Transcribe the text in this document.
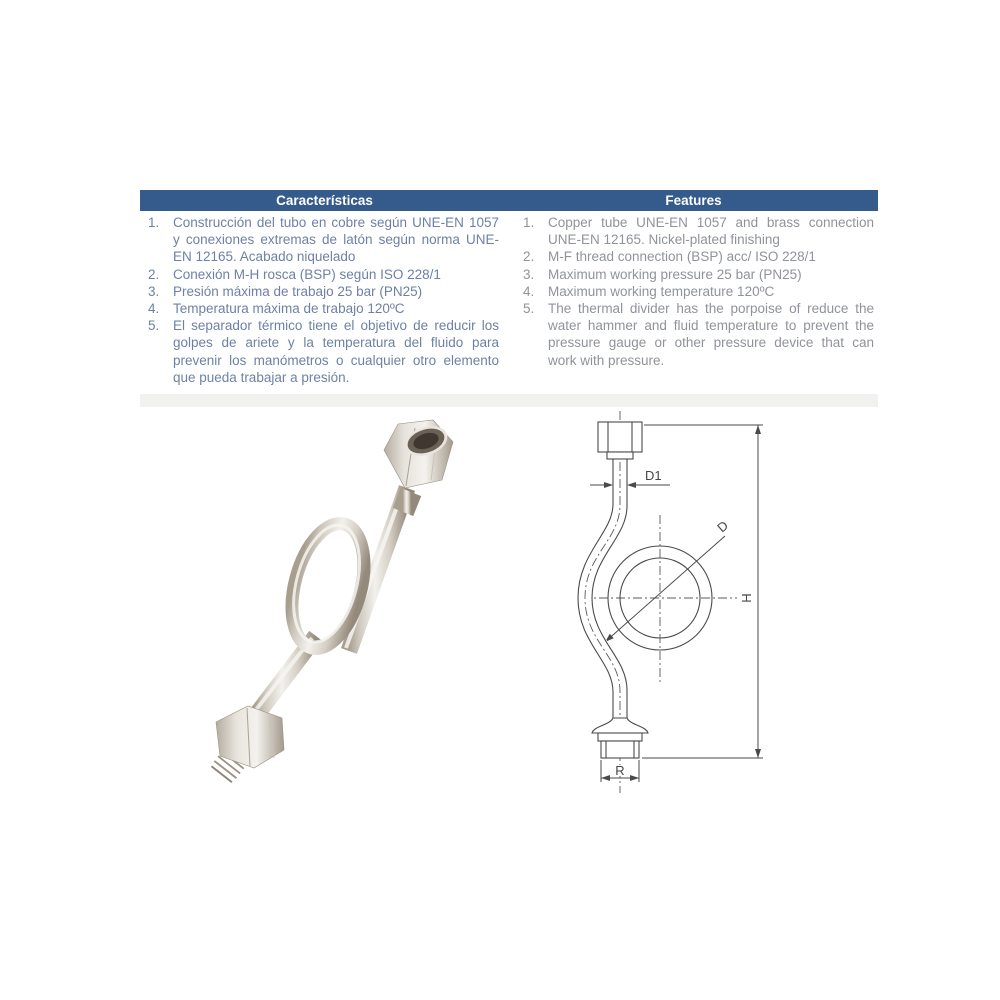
Características	Features
Construcción del tubo en cobre según UNE-EN 1057 y conexiones extremas de latón según norma UNE-EN 12165. Acabado niquelado
Conexión M-H rosca (BSP) según ISO 228/1
Presión máxima de trabajo 25 bar (PN25)
Temperatura máxima de trabajo 120ºC
El separador térmico tiene el objetivo de reducir los golpes de ariete y la temperatura del fluido para prevenir los manómetros o cualquier otro elemento que pueda trabajar a presión.
Copper tube UNE-EN 1057 and brass connection UNE-EN 12165. Nickel-plated finishing
M-F thread connection (BSP) acc/ ISO 228/1
Maximum working pressure 25 bar (PN25)
Maximum working temperature 120ºC
The thermal divider has the porpoise of reduce the water hammer and fluid temperature to prevent the pressure gauge or other pressure device that can work with pressure.
D
D1
H
R
